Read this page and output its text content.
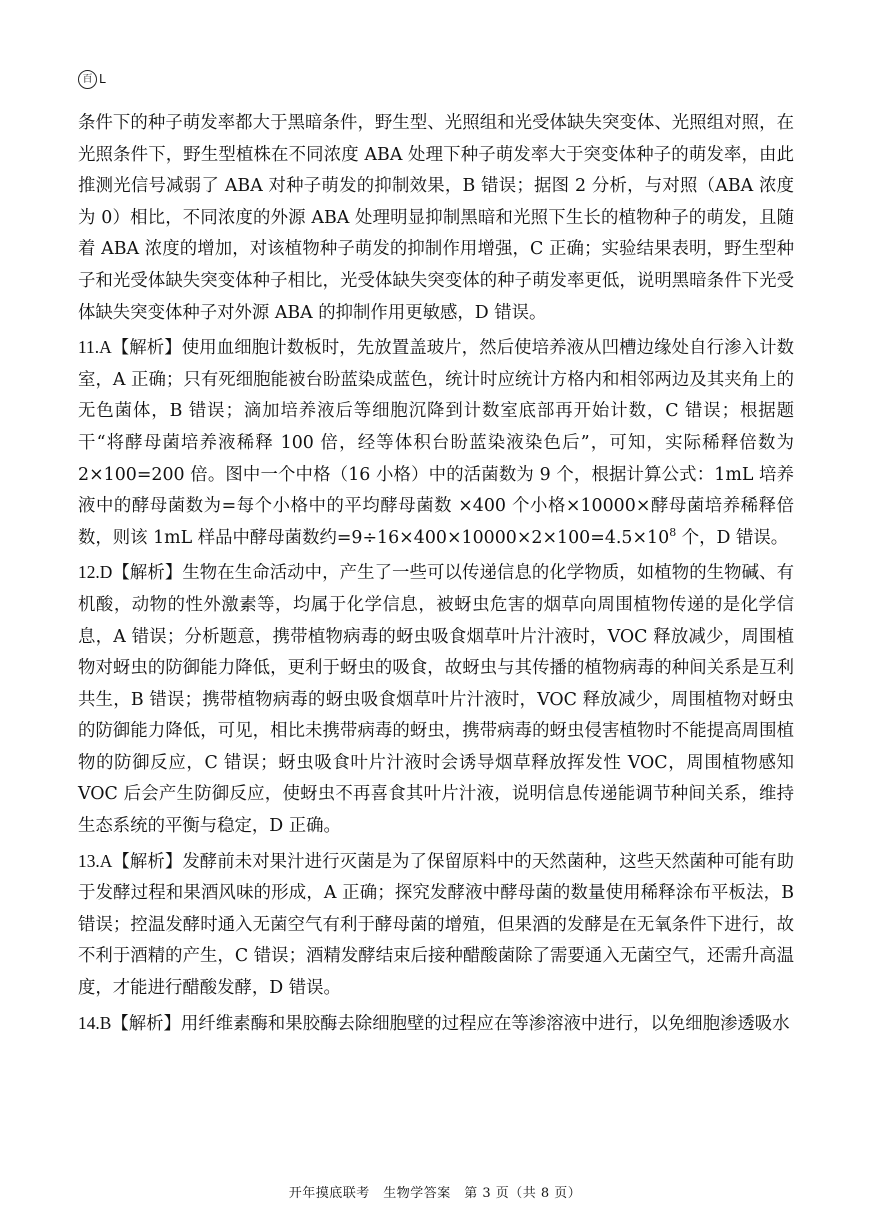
百 L

条件下的种子萌发率都大于黑暗条件，野生型、光照组和光受体缺失突变体、光照组对照，在光照条件下，野生型植株在不同浓度 ABA 处理下种子萌发率大于突变体种子的萌发率，由此推测光信号减弱了 ABA 对种子萌发的抑制效果，B 错误；据图 2 分析，与对照（ABA 浓度为 0）相比，不同浓度的外源 ABA 处理明显抑制黑暗和光照下生长的植物种子的萌发，且随着 ABA 浓度的增加，对该植物种子萌发的抑制作用增强，C 正确；实验结果表明，野生型种子和光受体缺失突变体种子相比，光受体缺失突变体的种子萌发率更低，说明黑暗条件下光受体缺失突变体种子对外源 ABA 的抑制作用更敏感，D 错误。

11.A【解析】使用血细胞计数板时，先放置盖玻片，然后使培养液从凹槽边缘处自行渗入计数室，A 正确；只有死细胞能被台盼蓝染成蓝色，统计时应统计方格内和相邻两边及其夹角上的无色菌体，B 错误；滴加培养液后等细胞沉降到计数室底部再开始计数，C 错误；根据题干“将酵母菌培养液稀释 100 倍，经等体积台盼蓝染液染色后”，可知，实际稀释倍数为 2×100=200 倍。图中一个中格（16 小格）中的活菌数为 9 个，根据计算公式：1mL 培养液中的酵母菌数为=每个小格中的平均酵母菌数 ×400 个小格×10000×酵母菌培养稀释倍数，则该 1mL 样品中酵母菌数约$=9\div 16\times 400\times 10000\times 2\times 100=4.5\times 10^8$ 个，D 错误。

12.D【解析】生物在生命活动中，产生了一些可以传递信息的化学物质，如植物的生物碱、有机酸，动物的性外激素等，均属于化学信息，被蚜虫危害的烟草向周围植物传递的是化学信息，A 错误；分析题意，携带植物病毒的蚜虫吸食烟草叶片汁液时，VOC 释放减少，周围植物对蚜虫的防御能力降低，更利于蚜虫的吸食，故蚜虫与其传播的植物病毒的种间关系是互利共生，B 错误；携带植物病毒的蚜虫吸食烟草叶片汁液时，VOC 释放减少，周围植物对蚜虫的防御能力降低，可见，相比未携带病毒的蚜虫，携带病毒的蚜虫侵害植物时不能提高周围植物的防御反应，C 错误；蚜虫吸食叶片汁液时会诱导烟草释放挥发性 VOC，周围植物感知 VOC 后会产生防御反应，使蚜虫不再喜食其叶片汁液，说明信息传递能调节种间关系，维持生态系统的平衡与稳定，D 正确。

13.A【解析】发酵前未对果汁进行灭菌是为了保留原料中的天然菌种，这些天然菌种可能有助于发酵过程和果酒风味的形成，A 正确；探究发酵液中酵母菌的数量使用稀释涂布平板法，B 错误；控温发酵时通入无菌空气有利于酵母菌的增殖，但果酒的发酵是在无氧条件下进行，故不利于酒精的产生，C 错误；酒精发酵结束后接种醋酸菌除了需要通入无菌空气，还需升高温度，才能进行醋酸发酵，D 错误。

14.B【解析】用纤维素酶和果胶酶去除细胞壁的过程应在等渗溶液中进行，以免细胞渗透吸水

开年摸底联考　生物学答案　第 3 页（共 8 页）
